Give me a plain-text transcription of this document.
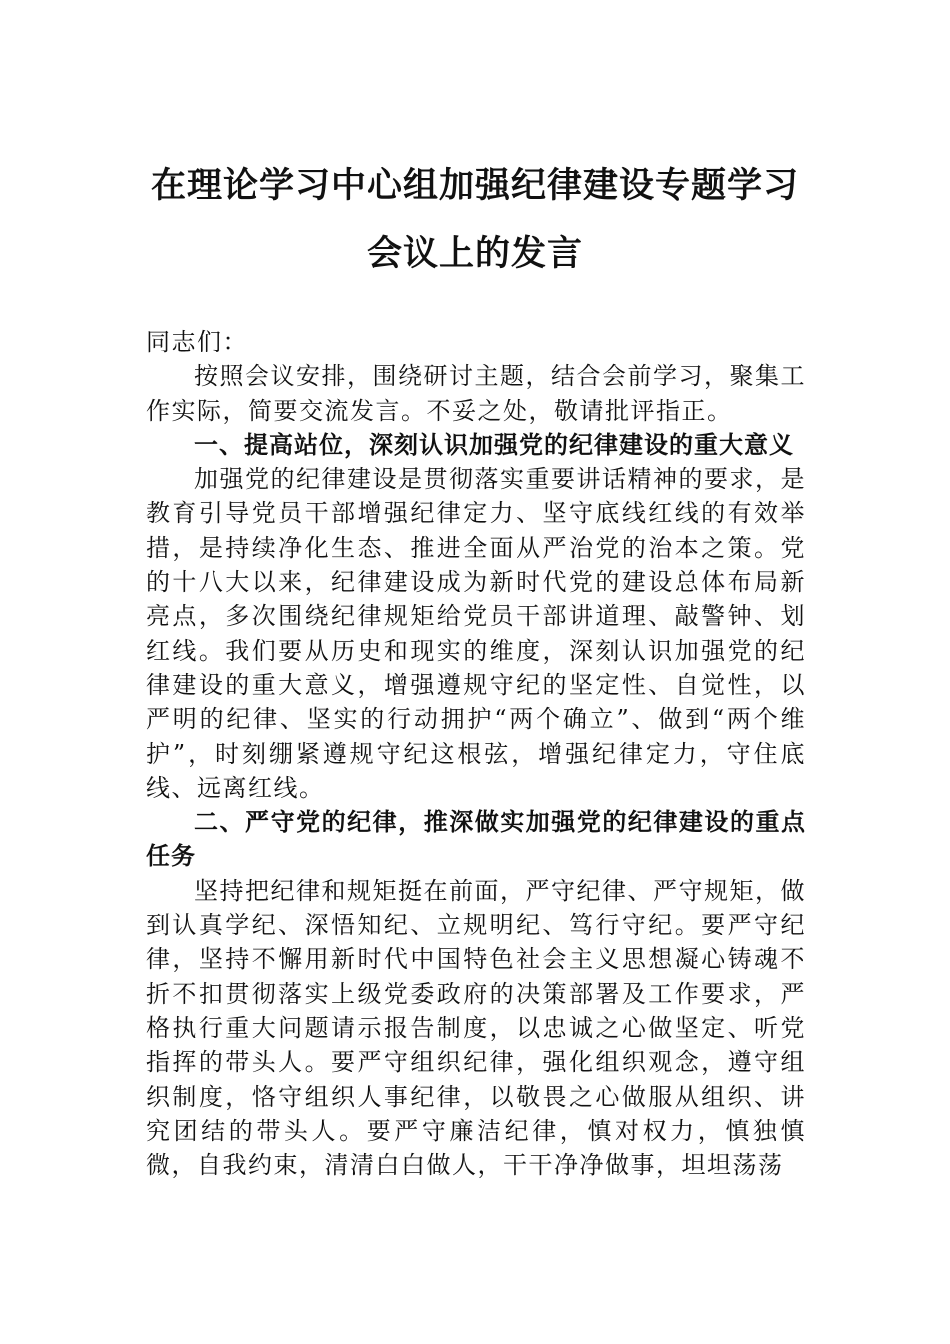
在理论学习中心组加强纪律建设专题学习
会议上的发言

同志们：

按照会议安排，围绕研讨主题，结合会前学习，聚集工作实际，简要交流发言。不妥之处，敬请批评指正。

一、提高站位，深刻认识加强党的纪律建设的重大意义

加强党的纪律建设是贯彻落实重要讲话精神的要求，是教育引导党员干部增强纪律定力、坚守底线红线的有效举措，是持续净化生态、推进全面从严治党的治本之策。党的十八大以来，纪律建设成为新时代党的建设总体布局新亮点，多次围绕纪律规矩给党员干部讲道理、敲警钟、划红线。我们要从历史和现实的维度，深刻认识加强党的纪律建设的重大意义，增强遵规守纪的坚定性、自觉性，以严明的纪律、坚实的行动拥护“两个确立”、做到“两个维护”，时刻绷紧遵规守纪这根弦，增强纪律定力，守住底线、远离红线。

二、严守党的纪律，推深做实加强党的纪律建设的重点任务

坚持把纪律和规矩挺在前面，严守纪律、严守规矩，做到认真学纪、深悟知纪、立规明纪、笃行守纪。要严守纪律，坚持不懈用新时代中国特色社会主义思想凝心铸魂不折不扣贯彻落实上级党委政府的决策部署及工作要求，严格执行重大问题请示报告制度，以忠诚之心做坚定、听党指挥的带头人。要严守组织纪律，强化组织观念，遵守组织制度，恪守组织人事纪律，以敬畏之心做服从组织、讲究团结的带头人。要严守廉洁纪律，慎对权力，慎独慎微，自我约束，清清白白做人，干干净净做事，坦坦荡荡
